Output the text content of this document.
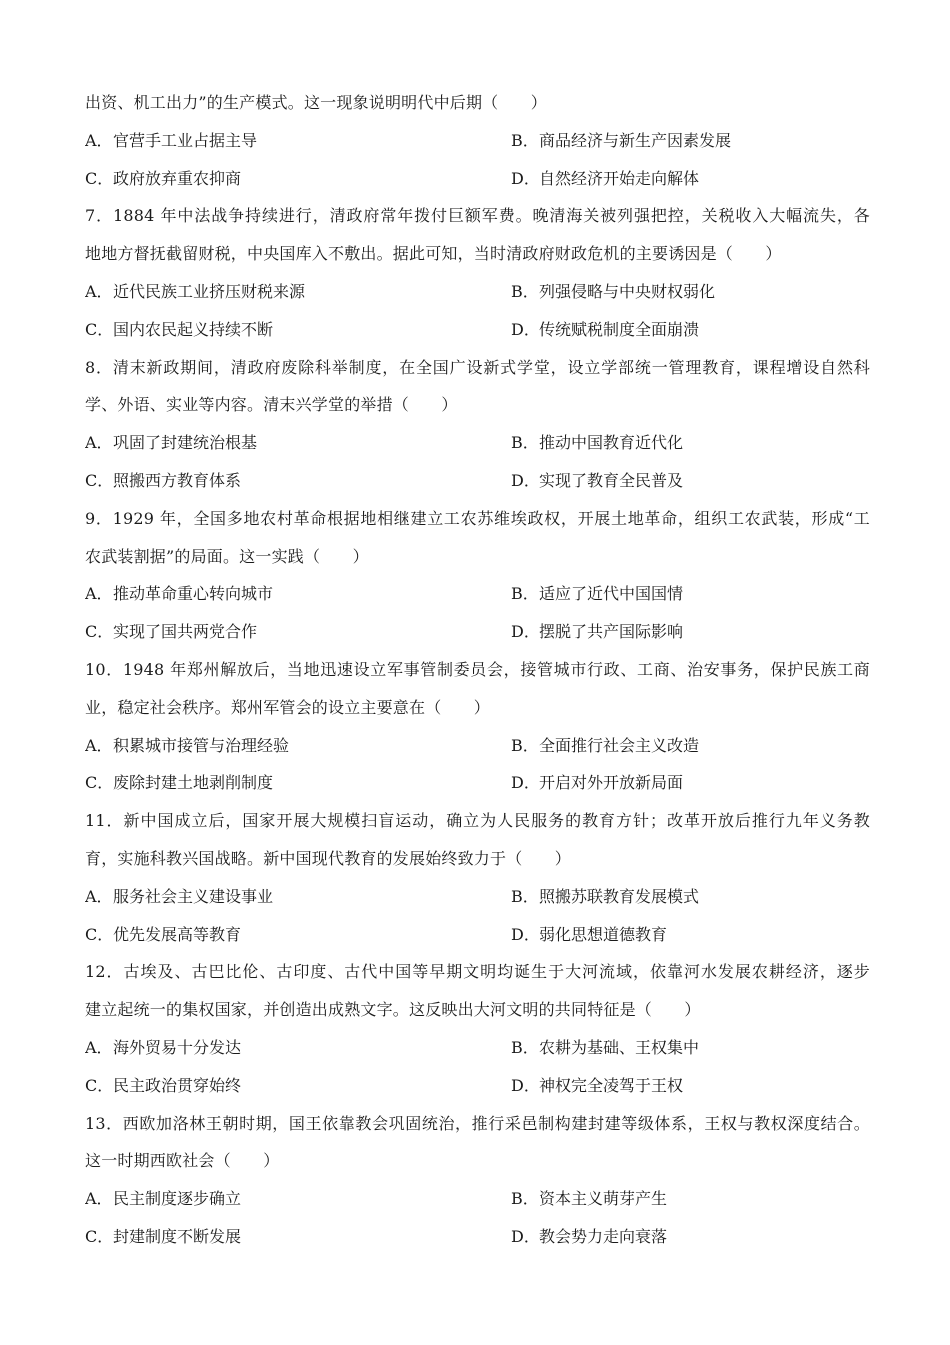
出资、机工出力”的生产模式。这一现象说明明代中后期（　　）
A．官营手工业占据主导	B．商品经济与新生产因素发展
C．政府放弃重农抑商	D．自然经济开始走向解体
7．1884 年中法战争持续进行，清政府常年拨付巨额军费。晚清海关被列强把控，关税收入大幅流失，各
地地方督抚截留财税，中央国库入不敷出。据此可知，当时清政府财政危机的主要诱因是（　　）
A．近代民族工业挤压财税来源	B．列强侵略与中央财权弱化
C．国内农民起义持续不断	D．传统赋税制度全面崩溃
8．清末新政期间，清政府废除科举制度，在全国广设新式学堂，设立学部统一管理教育，课程增设自然科
学、外语、实业等内容。清末兴学堂的举措（　　）
A．巩固了封建统治根基	B．推动中国教育近代化
C．照搬西方教育体系	D．实现了教育全民普及
9．1929 年，全国多地农村革命根据地相继建立工农苏维埃政权，开展土地革命，组织工农武装，形成“工
农武装割据”的局面。这一实践（　　）
A．推动革命重心转向城市	B．适应了近代中国国情
C．实现了国共两党合作	D．摆脱了共产国际影响
10．1948 年郑州解放后，当地迅速设立军事管制委员会，接管城市行政、工商、治安事务，保护民族工商
业，稳定社会秩序。郑州军管会的设立主要意在（　　）
A．积累城市接管与治理经验	B．全面推行社会主义改造
C．废除封建土地剥削制度	D．开启对外开放新局面
11．新中国成立后，国家开展大规模扫盲运动，确立为人民服务的教育方针；改革开放后推行九年义务教
育，实施科教兴国战略。新中国现代教育的发展始终致力于（　　）
A．服务社会主义建设事业	B．照搬苏联教育发展模式
C．优先发展高等教育	D．弱化思想道德教育
12．古埃及、古巴比伦、古印度、古代中国等早期文明均诞生于大河流域，依靠河水发展农耕经济，逐步
建立起统一的集权国家，并创造出成熟文字。这反映出大河文明的共同特征是（　　）
A．海外贸易十分发达	B．农耕为基础、王权集中
C．民主政治贯穿始终	D．神权完全凌驾于王权
13．西欧加洛林王朝时期，国王依靠教会巩固统治，推行采邑制构建封建等级体系，王权与教权深度结合。
这一时期西欧社会（　　）
A．民主制度逐步确立	B．资本主义萌芽产生
C．封建制度不断发展	D．教会势力走向衰落
